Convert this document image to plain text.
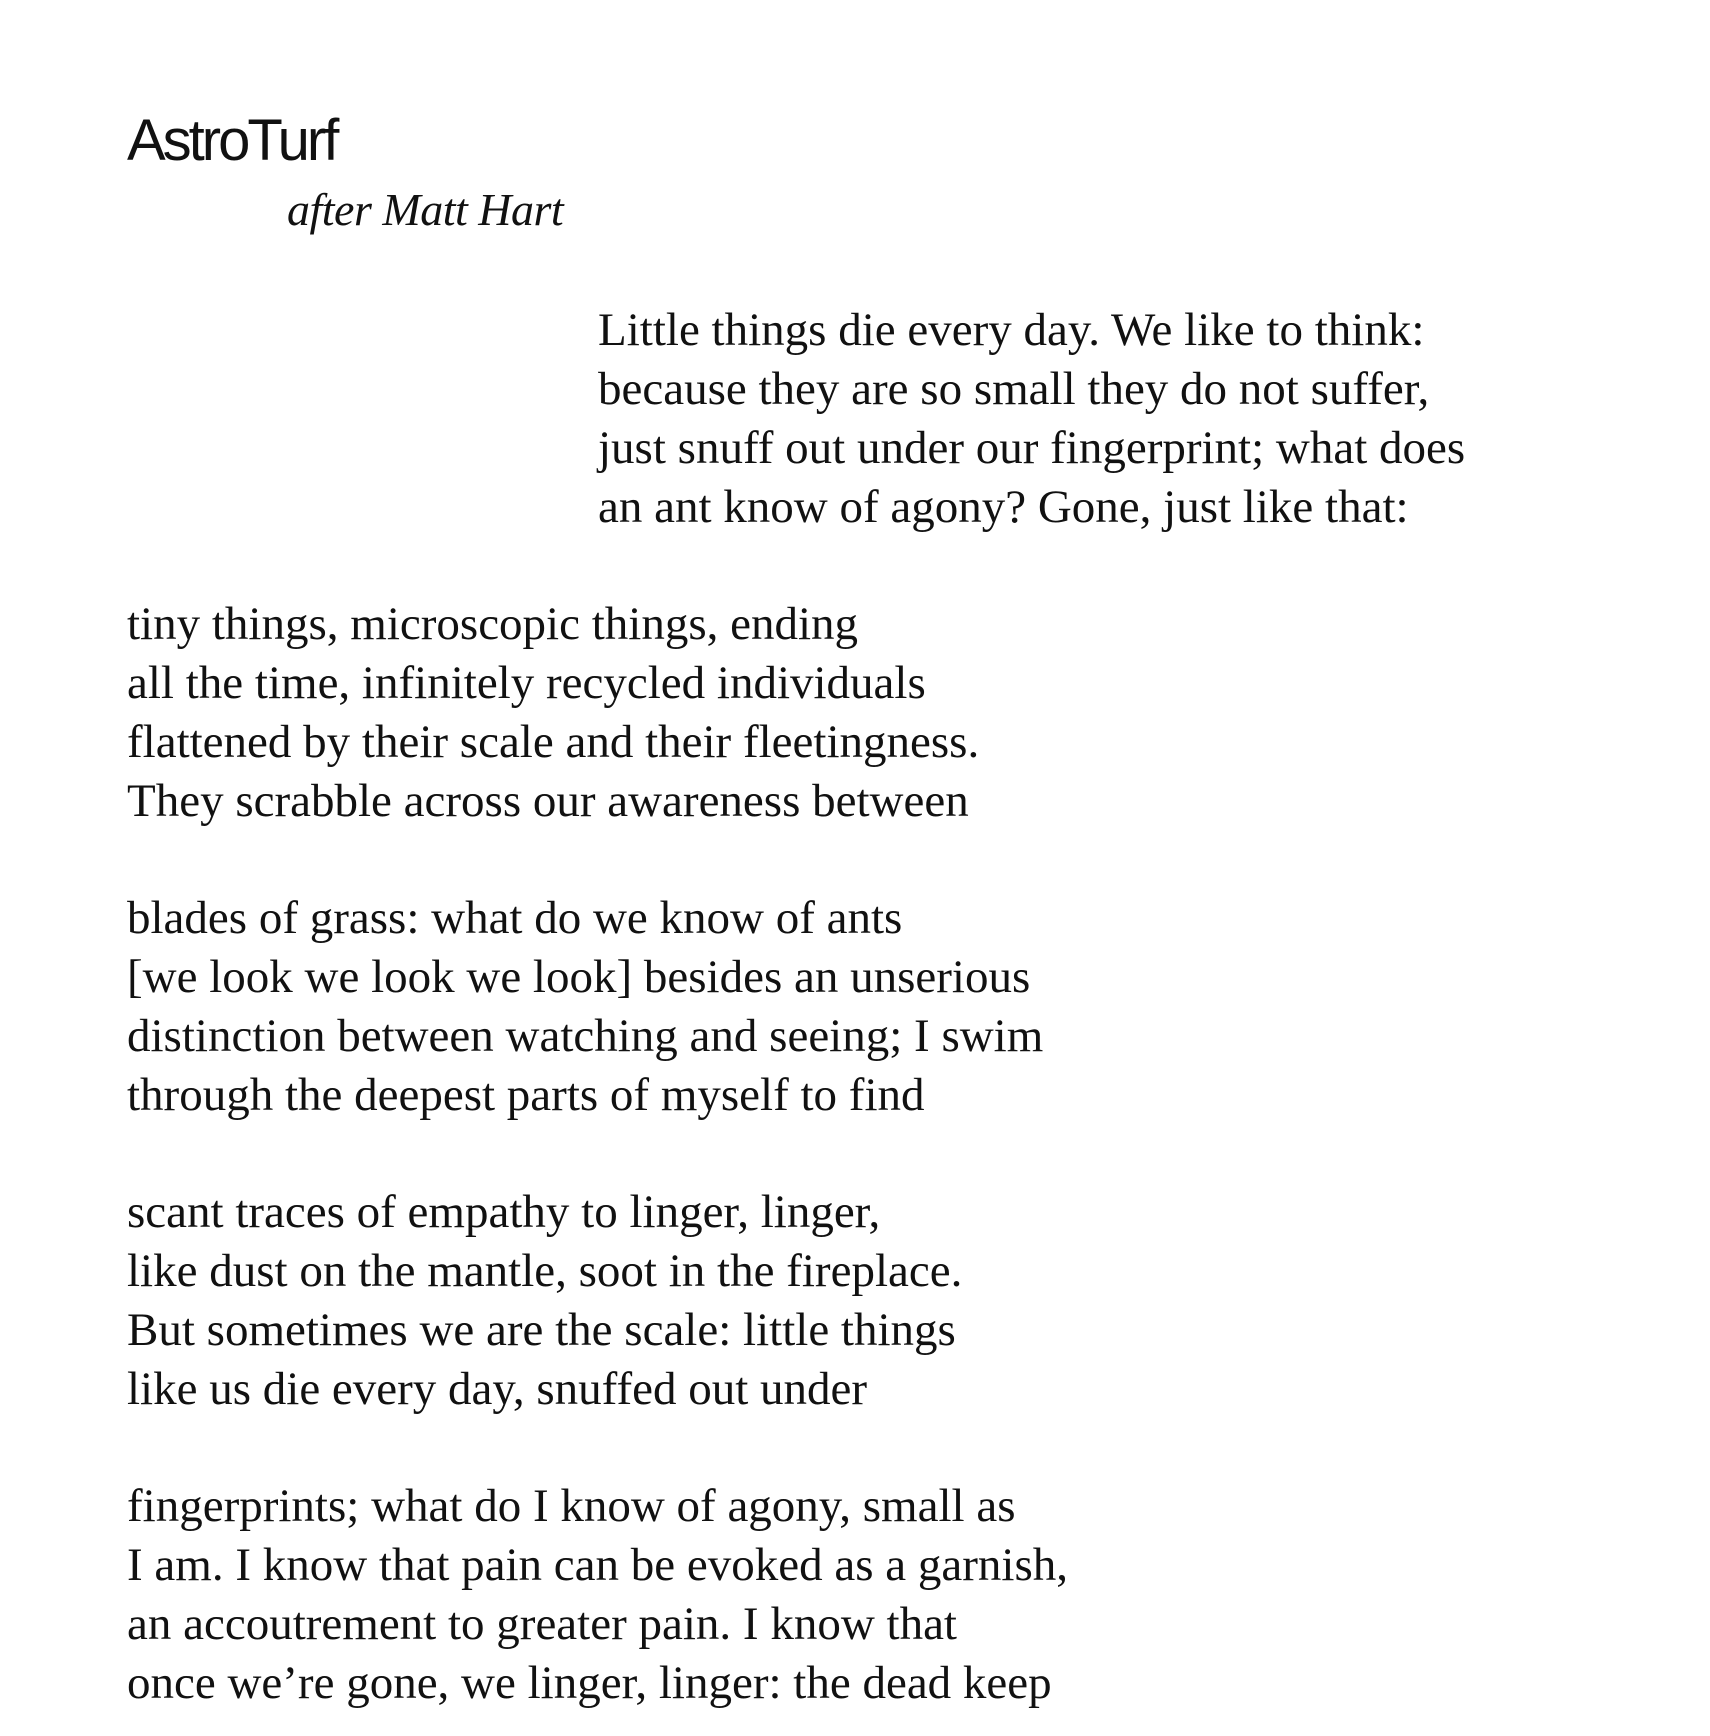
AstroTurf
after Matt Hart
Little things die every day. We like to think:
because they are so small they do not suffer,
just snuff out under our fingerprint; what does
an ant know of agony? Gone, just like that:
tiny things, microscopic things, ending
all the time, infinitely recycled individuals
flattened by their scale and their fleetingness.
They scrabble across our awareness between
blades of grass: what do we know of ants
[we look we look we look] besides an unserious
distinction between watching and seeing; I swim
through the deepest parts of myself to find
scant traces of empathy to linger, linger,
like dust on the mantle, soot in the fireplace.
But sometimes we are the scale: little things
like us die every day, snuffed out under
fingerprints; what do I know of agony, small as
I am. I know that pain can be evoked as a garnish,
an accoutrement to greater pain. I know that
once we’re gone, we linger, linger: the dead keep
